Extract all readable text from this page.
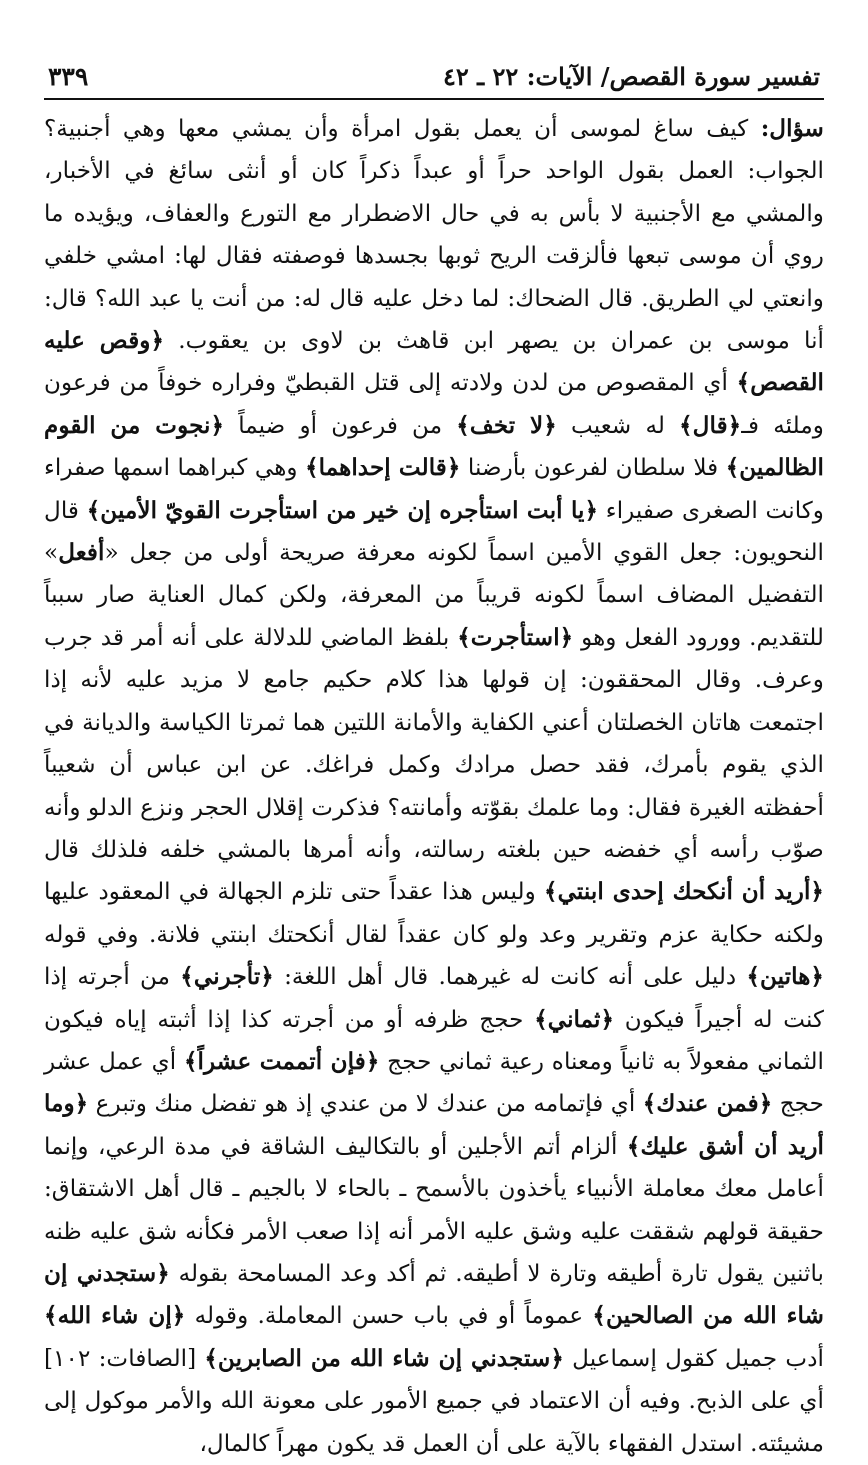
تفسير سورة القصص/ الآيات: ٢٢ ـ ٤٢
٣٣٩

سؤال: كيف ساغ لموسى أن يعمل بقول امرأة وأن يمشي معها وهي أجنبية؟ الجواب: العمل بقول الواحد حراً أو عبداً ذكراً كان أو أنثى سائغ في الأخبار، والمشي مع الأجنبية لا بأس به في حال الاضطرار مع التورع والعفاف، ويؤيده ما روي أن موسى تبعها فألزقت الريح ثوبها بجسدها فوصفته فقال لها: امشي خلفي وانعتي لي الطريق. قال الضحاك: لما دخل عليه قال له: من أنت يا عبد الله؟ قال: أنا موسى بن عمران بن يصهر ابن قاهث بن لاوى بن يعقوب. ﴿وقص عليه القصص﴾ أي المقصوص من لدن ولادته إلى قتل القبطيّ وفراره خوفاً من فرعون وملئه فـ﴿قال﴾ له شعيب ﴿لا تخف﴾ من فرعون أو ضيماً ﴿نجوت من القوم الظالمين﴾ فلا سلطان لفرعون بأرضنا ﴿قالت إحداهما﴾ وهي كبراهما اسمها صفراء وكانت الصغرى صفيراء ﴿يا أبت استأجره إن خير من استأجرت القويّ الأمين﴾ قال النحويون: جعل القوي الأمين اسماً لكونه معرفة صريحة أولى من جعل «أفعل» التفضيل المضاف اسماً لكونه قريباً من المعرفة، ولكن كمال العناية صار سبباً للتقديم. وورود الفعل وهو ﴿استأجرت﴾ بلفظ الماضي للدلالة على أنه أمر قد جرب وعرف. وقال المحققون: إن قولها هذا كلام حكيم جامع لا مزيد عليه لأنه إذا اجتمعت هاتان الخصلتان أعني الكفاية والأمانة اللتين هما ثمرتا الكياسة والديانة في الذي يقوم بأمرك، فقد حصل مرادك وكمل فراغك. عن ابن عباس أن شعيباً أحفظته الغيرة فقال: وما علمك بقوّته وأمانته؟ فذكرت إقلال الحجر ونزع الدلو وأنه صوّب رأسه أي خفضه حين بلغته رسالته، وأنه أمرها بالمشي خلفه فلذلك قال ﴿أريد أن أنكحك إحدى ابنتي﴾ وليس هذا عقداً حتى تلزم الجهالة في المعقود عليها ولكنه حكاية عزم وتقرير وعد ولو كان عقداً لقال أنكحتك ابنتي فلانة. وفي قوله ﴿هاتين﴾ دليل على أنه كانت له غيرهما. قال أهل اللغة: ﴿تأجرني﴾ من أجرته إذا كنت له أجيراً فيكون ﴿ثماني﴾ حجج ظرفه أو من أجرته كذا إذا أثبته إياه فيكون الثماني مفعولاً به ثانياً ومعناه رعية ثماني حجج ﴿فإن أتممت عشراً﴾ أي عمل عشر حجج ﴿فمن عندك﴾ أي فإتمامه من عندك لا من عندي إذ هو تفضل منك وتبرع ﴿وما أريد أن أشق عليك﴾ ألزام أتم الأجلين أو بالتكاليف الشاقة في مدة الرعي، وإنما أعامل معك معاملة الأنبياء يأخذون بالأسمح ـ بالحاء لا بالجيم ـ قال أهل الاشتقاق: حقيقة قولهم شققت عليه وشق عليه الأمر أنه إذا صعب الأمر فكأنه شق عليه ظنه باثنين يقول تارة أطيقه وتارة لا أطيقه. ثم أكد وعد المسامحة بقوله ﴿ستجدني إن شاء الله من الصالحين﴾ عموماً أو في باب حسن المعاملة. وقوله ﴿إن شاء الله﴾ أدب جميل كقول إسماعيل ﴿ستجدني إن شاء الله من الصابرين﴾ [الصافات: ١٠٢] أي على الذبح. وفيه أن الاعتماد في جميع الأمور على معونة الله والأمر موكول إلى مشيئته. استدل الفقهاء بالآية على أن العمل قد يكون مهراً كالمال،
